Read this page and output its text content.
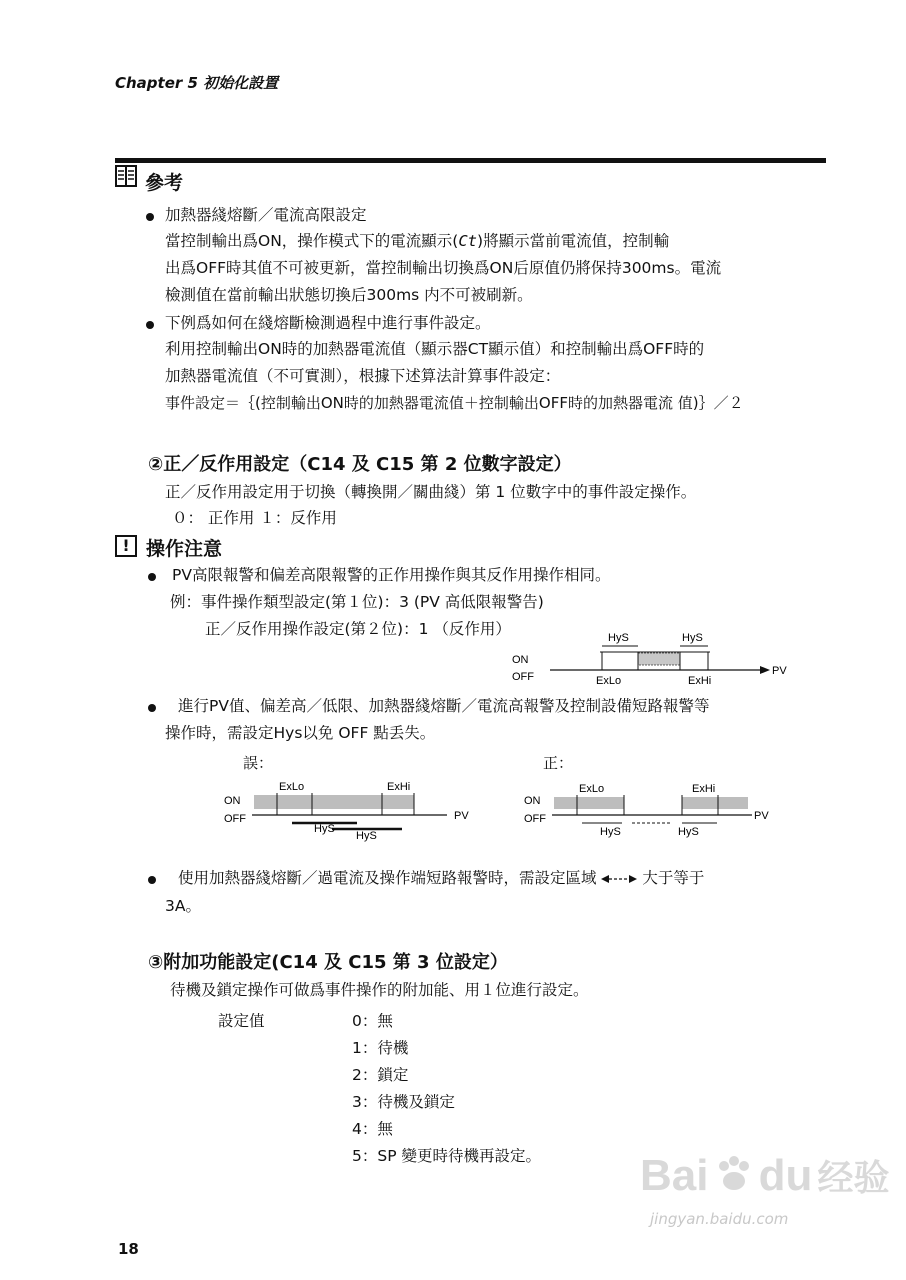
Chapter 5 初始化設置
參考
加熱器綫熔斷／電流高限設定
當控制輸出爲ON，操作模式下的電流顯示(Ct)將顯示當前電流值，控制輸
出爲OFF時其值不可被更新，當控制輸出切換爲ON后原值仍將保持300ms。電流
檢測值在當前輸出狀態切換后300ms 内不可被刷新。
下例爲如何在綫熔斷檢測過程中進行事件設定。
利用控制輸出ON時的加熱器電流值（顯示器CT顯示值）和控制輸出爲OFF時的
加熱器電流值（不可實測），根據下述算法計算事件設定：
事件設定＝｛(控制輸出ON時的加熱器電流值＋控制輸出OFF時的加熱器電流 值)｝／２
②正／反作用設定（C14 及 C15 第 2 位數字設定）
正／反作用設定用于切換（轉換開／關曲綫）第 1 位數字中的事件設定操作。
０： 正作用 １：反作用
! 操作注意
PV高限報警和偏差高限報警的正作用操作與其反作用操作相同。
例：事件操作類型設定(第１位)：3 (PV 高低限報警告)
正／反作用操作設定(第２位)：1 （反作用）
ON
OFF	PV
HyS	HyS
ExLo	ExHi
進行PV值、偏差高／低限、加熱器綫熔斷／電流高報警及控制設備短路報警等
操作時，需設定Hys以免 OFF 點丢失。
誤：	正：
ON
OFF	PV
ExLo	ExHi
HyS
HyS
ON
OFF	PV
ExLo	ExHi
HyS	HyS
使用加熱器綫熔斷／過電流及操作端短路報警時，需設定區域	大于等于
3A。
③附加功能設定(C14 及 C15 第 3 位設定）
待機及鎖定操作可做爲事件操作的附加能、用１位進行設定。
設定值	0：無
1：待機
2：鎖定
3：待機及鎖定
4：無
5：SP 變更時待機再設定。
18
Bai du 经验
jingyan.baidu.com
